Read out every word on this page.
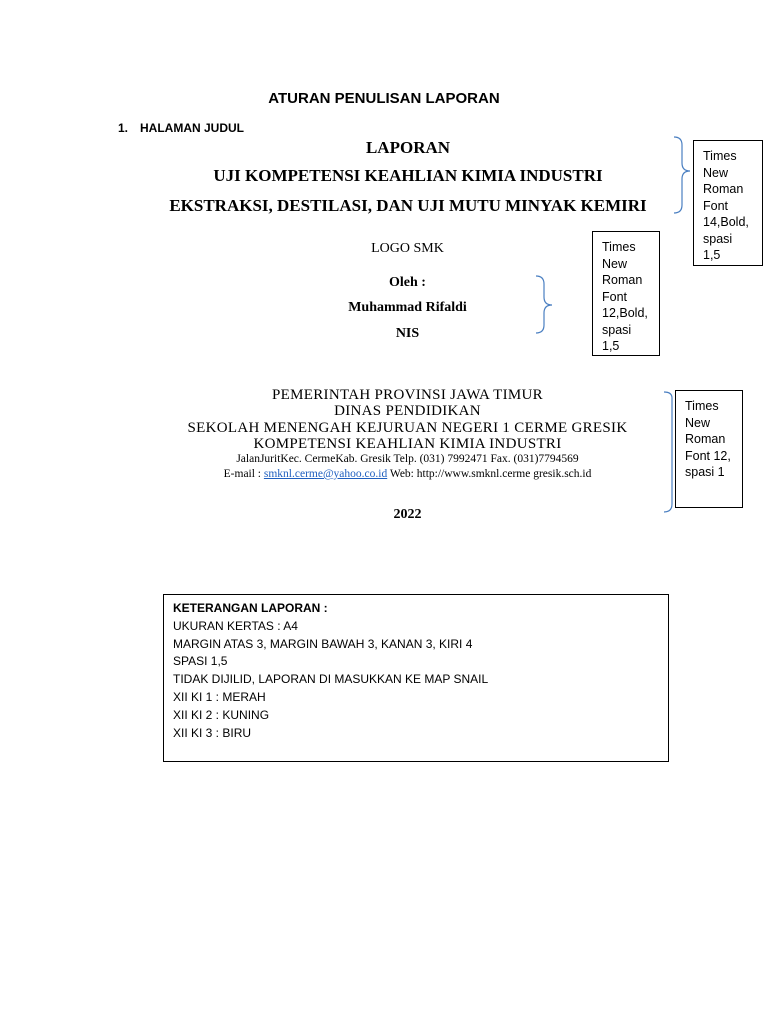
ATURAN PENULISAN LAPORAN
1. HALAMAN JUDUL
LAPORAN
UJI KOMPETENSI KEAHLIAN KIMIA INDUSTRI
EKSTRAKSI, DESTILASI, DAN UJI MUTU MINYAK KEMIRI
LOGO SMK
Oleh :
Muhammad Rifaldi
NIS
PEMERINTAH PROVINSI JAWA TIMUR
DINAS PENDIDIKAN
SEKOLAH MENENGAH KEJURUAN NEGERI 1 CERME GRESIK
KOMPETENSI KEAHLIAN KIMIA INDUSTRI
JalanJuritKec. CermeKab. Gresik Telp. (031) 7992471 Fax. (031)7794569
E-mail : smknl.cerme@yahoo.co.id Web: http://www.smknl.cerme gresik.sch.id
2022
Times
New
Roman
Font
14,Bold,
spasi
1,5
Times
New
Roman
Font
12,Bold,
spasi
1,5
Times
New
Roman
Font 12,
spasi 1
KETERANGAN LAPORAN :
UKURAN KERTAS : A4
MARGIN ATAS 3, MARGIN BAWAH 3, KANAN 3, KIRI 4
SPASI 1,5
TIDAK DIJILID, LAPORAN DI MASUKKAN KE MAP SNAIL
XII KI 1 : MERAH
XII KI 2 : KUNING
XII KI 3 : BIRU
